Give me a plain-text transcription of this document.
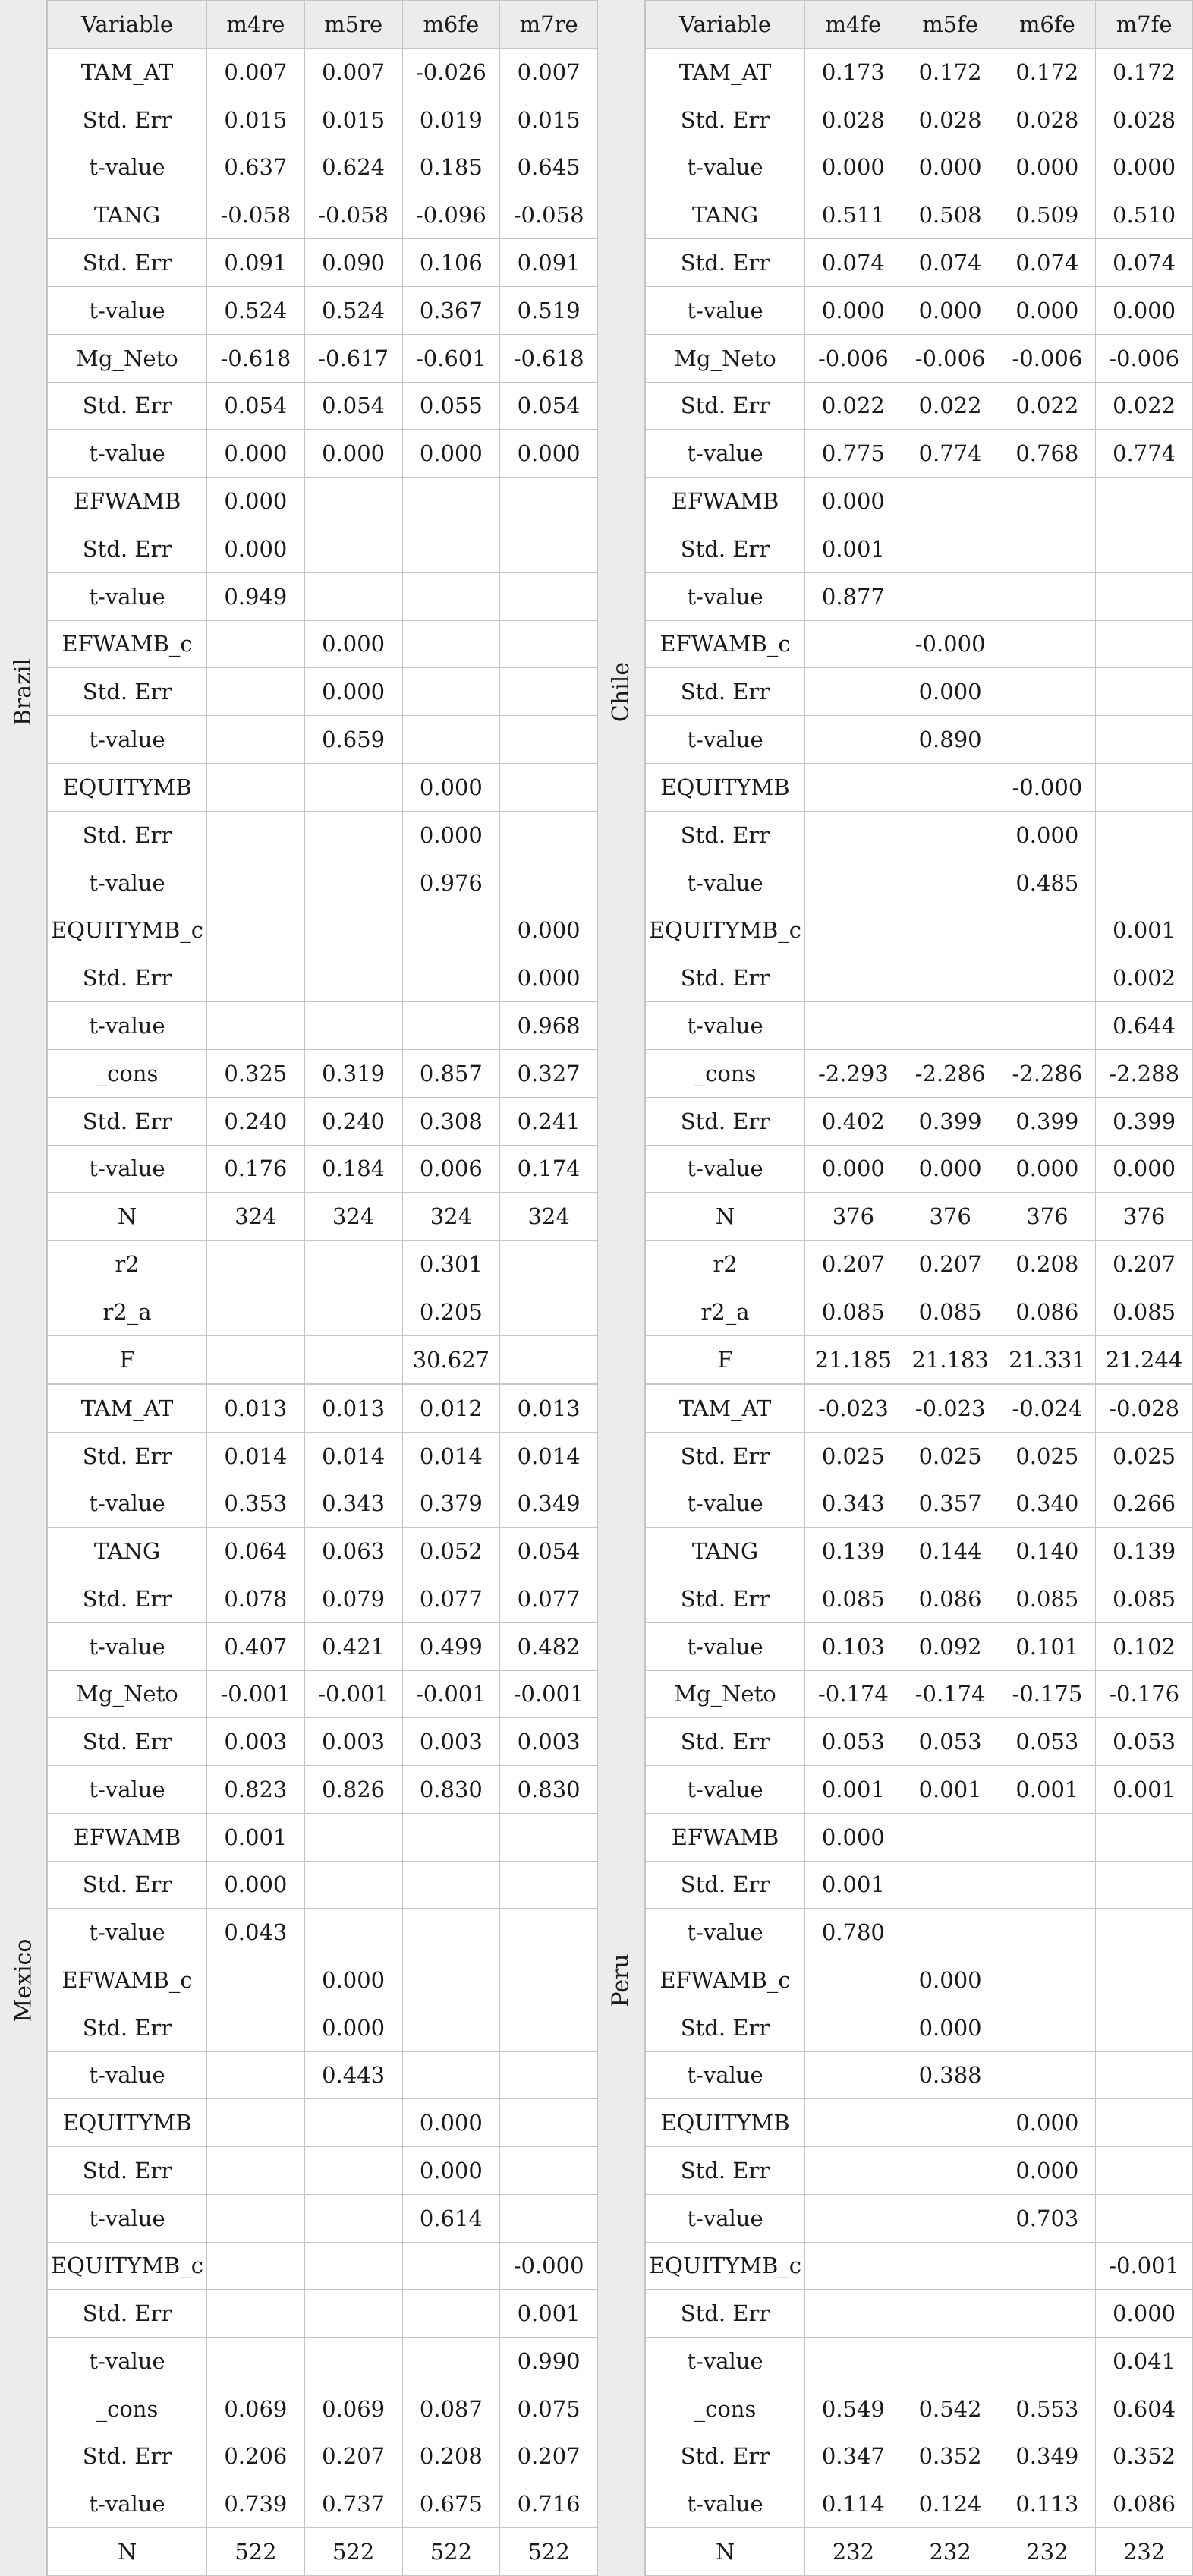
Brazil
Variable	m4re	m5re	m6fe	m7re
TAM_AT	0.007	0.007	-0.026	0.007
Std. Err	0.015	0.015	0.019	0.015
t-value	0.637	0.624	0.185	0.645
TANG	-0.058	-0.058	-0.096	-0.058
Std. Err	0.091	0.090	0.106	0.091
t-value	0.524	0.524	0.367	0.519
Mg_Neto	-0.618	-0.617	-0.601	-0.618
Std. Err	0.054	0.054	0.055	0.054
t-value	0.000	0.000	0.000	0.000
EFWAMB	0.000			
Std. Err	0.000			
t-value	0.949			
EFWAMB_c		0.000		
Std. Err		0.000		
t-value		0.659		
EQUITYMB			0.000	
Std. Err			0.000	
t-value			0.976	
EQUITYMB_c				0.000
Std. Err				0.000
t-value				0.968
_cons	0.325	0.319	0.857	0.327
Std. Err	0.240	0.240	0.308	0.241
t-value	0.176	0.184	0.006	0.174
N	324	324	324	324
r2			0.301	
r2_a			0.205	
F			30.627	
Chile
Variable	m4fe	m5fe	m6fe	m7fe
TAM_AT	0.173	0.172	0.172	0.172
Std. Err	0.028	0.028	0.028	0.028
t-value	0.000	0.000	0.000	0.000
TANG	0.511	0.508	0.509	0.510
Std. Err	0.074	0.074	0.074	0.074
t-value	0.000	0.000	0.000	0.000
Mg_Neto	-0.006	-0.006	-0.006	-0.006
Std. Err	0.022	0.022	0.022	0.022
t-value	0.775	0.774	0.768	0.774
EFWAMB	0.000			
Std. Err	0.001			
t-value	0.877			
EFWAMB_c		-0.000		
Std. Err		0.000		
t-value		0.890		
EQUITYMB			-0.000	
Std. Err			0.000	
t-value			0.485	
EQUITYMB_c				0.001
Std. Err				0.002
t-value				0.644
_cons	-2.293	-2.286	-2.286	-2.288
Std. Err	0.402	0.399	0.399	0.399
t-value	0.000	0.000	0.000	0.000
N	376	376	376	376
r2	0.207	0.207	0.208	0.207
r2_a	0.085	0.085	0.086	0.085
F	21.185	21.183	21.331	21.244
Mexico
TAM_AT	0.013	0.013	0.012	0.013
Std. Err	0.014	0.014	0.014	0.014
t-value	0.353	0.343	0.379	0.349
TANG	0.064	0.063	0.052	0.054
Std. Err	0.078	0.079	0.077	0.077
t-value	0.407	0.421	0.499	0.482
Mg_Neto	-0.001	-0.001	-0.001	-0.001
Std. Err	0.003	0.003	0.003	0.003
t-value	0.823	0.826	0.830	0.830
EFWAMB	0.001			
Std. Err	0.000			
t-value	0.043			
EFWAMB_c		0.000		
Std. Err		0.000		
t-value		0.443		
EQUITYMB			0.000	
Std. Err			0.000	
t-value			0.614	
EQUITYMB_c				-0.000
Std. Err				0.001
t-value				0.990
_cons	0.069	0.069	0.087	0.075
Std. Err	0.206	0.207	0.208	0.207
t-value	0.739	0.737	0.675	0.716
N	522	522	522	522
Peru
TAM_AT	-0.023	-0.023	-0.024	-0.028
Std. Err	0.025	0.025	0.025	0.025
t-value	0.343	0.357	0.340	0.266
TANG	0.139	0.144	0.140	0.139
Std. Err	0.085	0.086	0.085	0.085
t-value	0.103	0.092	0.101	0.102
Mg_Neto	-0.174	-0.174	-0.175	-0.176
Std. Err	0.053	0.053	0.053	0.053
t-value	0.001	0.001	0.001	0.001
EFWAMB	0.000			
Std. Err	0.001			
t-value	0.780			
EFWAMB_c		0.000		
Std. Err		0.000		
t-value		0.388		
EQUITYMB			0.000	
Std. Err			0.000	
t-value			0.703	
EQUITYMB_c				-0.001
Std. Err				0.000
t-value				0.041
_cons	0.549	0.542	0.553	0.604
Std. Err	0.347	0.352	0.349	0.352
t-value	0.114	0.124	0.113	0.086
N	232	232	232	232
